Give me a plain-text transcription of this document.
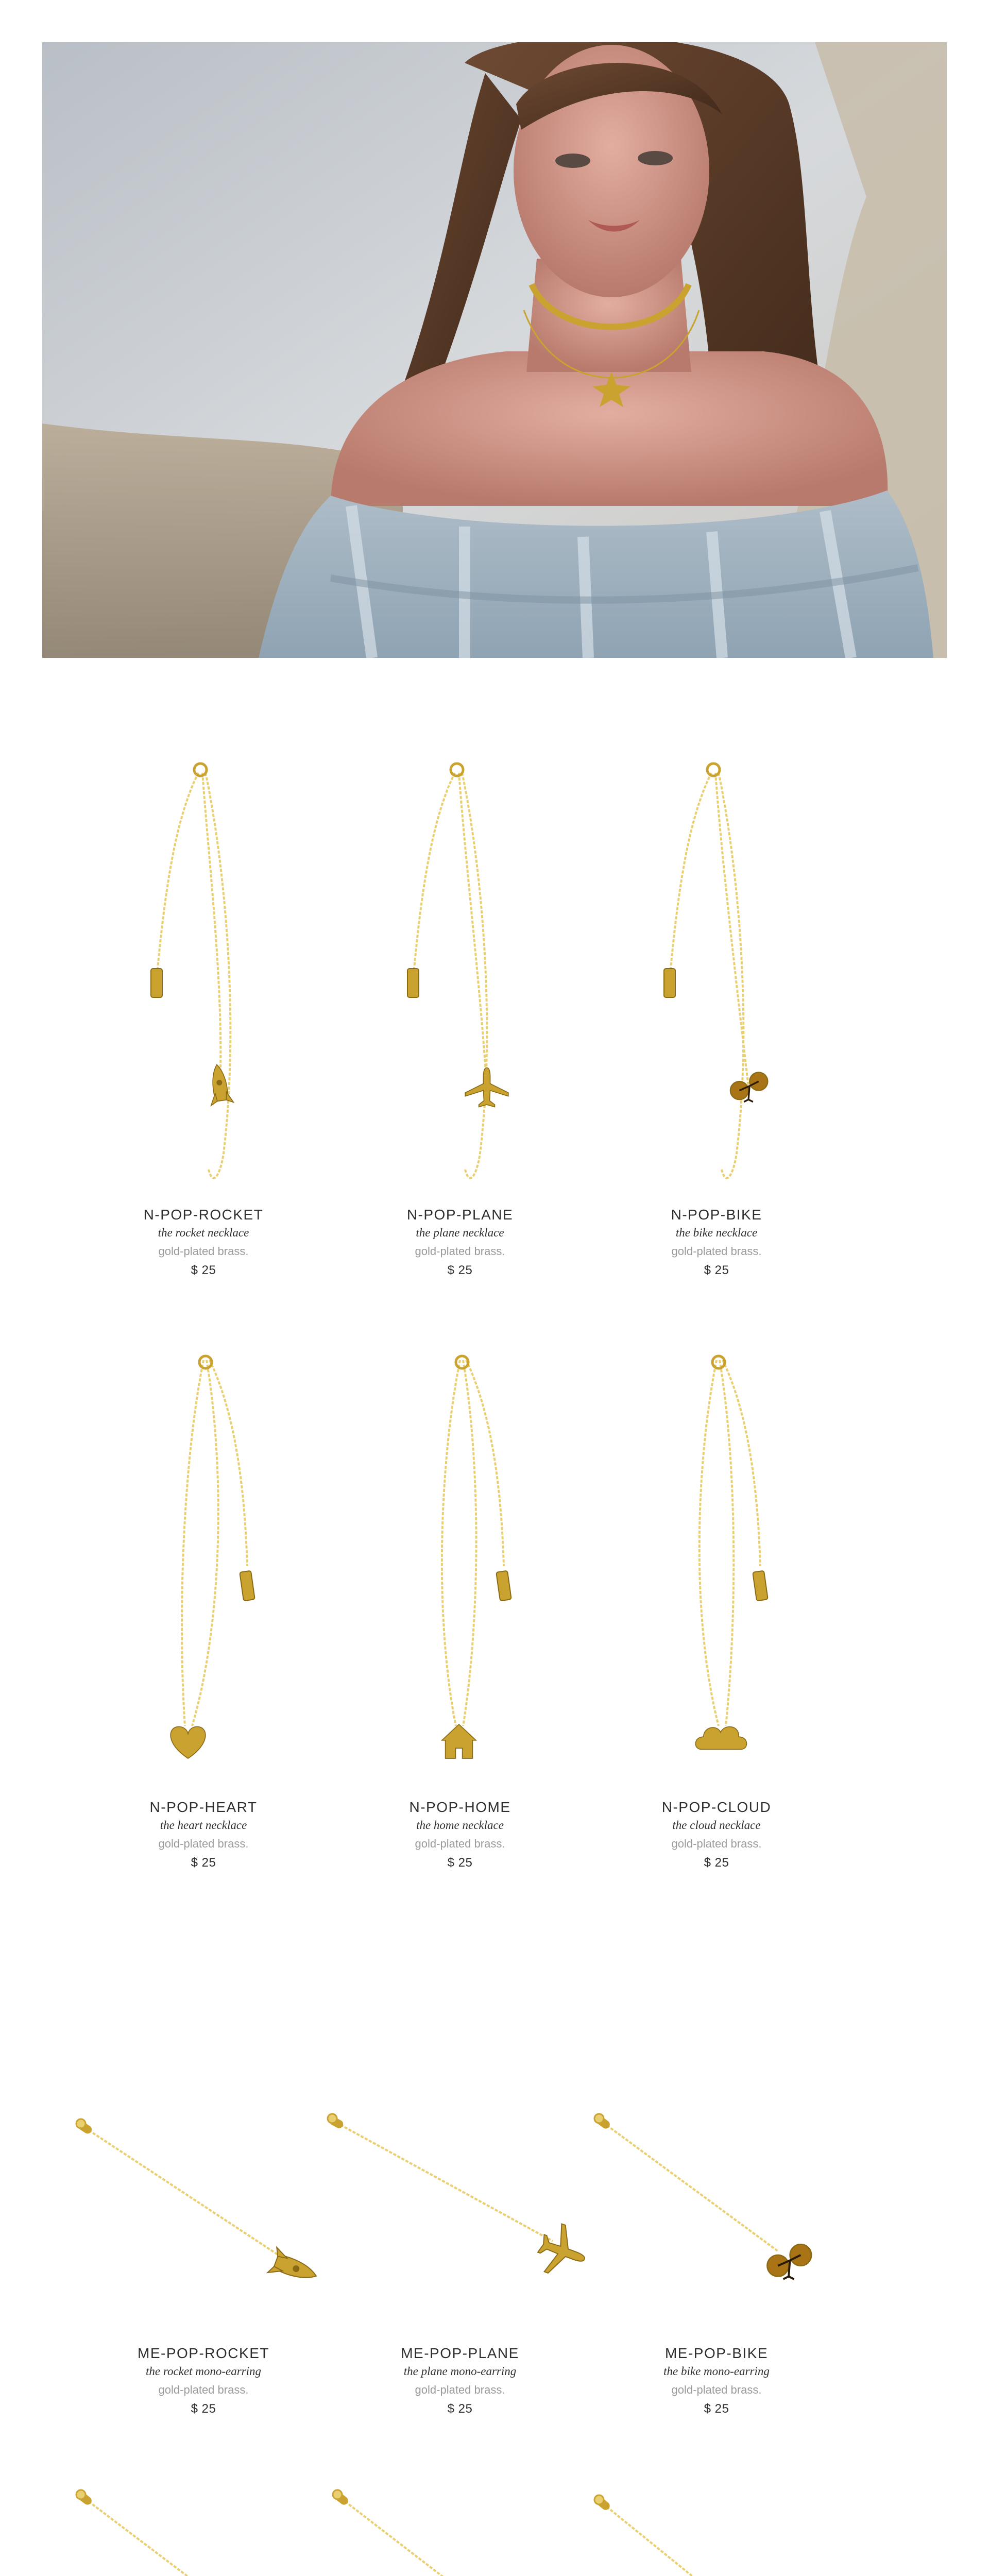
N-POP-ROCKET
the rocket necklace
gold-plated brass.
$ 25
N-POP-PLANE
the plane necklace
gold-plated brass.
$ 25
N-POP-BIKE
the bike necklace
gold-plated brass.
$ 25
N-POP-HEART
the heart necklace
gold-plated brass.
$ 25
N-POP-HOME
the home necklace
gold-plated brass.
$ 25
N-POP-CLOUD
the cloud necklace
gold-plated brass.
$ 25
ME-POP-ROCKET
the rocket mono-earring
gold-plated brass.
$ 25
ME-POP-PLANE
the plane mono-earring
gold-plated brass.
$ 25
ME-POP-BIKE
the bike mono-earring
gold-plated brass.
$ 25
